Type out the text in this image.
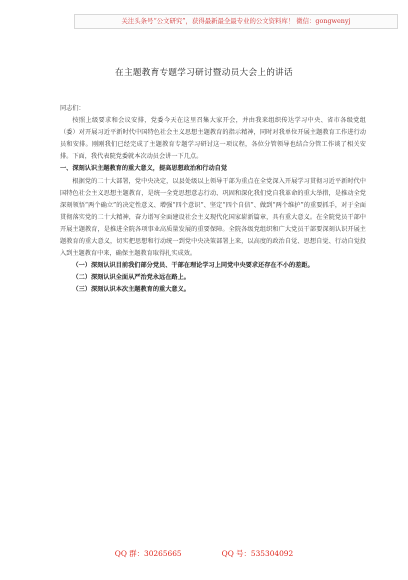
关注头条号“公文研究”，获得最新最全最专业的公文资料库！ 微信：gongwenyj
在主题教育专题学习研讨暨动员大会上的讲话

同志们：

按照上级要求和会议安排，党委今天在这里召集大家开会，并由我来组织传达学习中央、省市各级党组（委）对开展习近平新时代中国特色社会主义思想主题教育的指示精神，同时对我单位开展主题教育工作进行动员和安排。刚刚我们已经完成了主题教育专题学习研讨这一项议程，各位分管领导也结合分管工作谈了相关安排。下面，我代表院党委就本次动员会讲一下几点。

一、深刻认识主题教育的重大意义，提高思想政治和行动自觉

根据党的二十大部署，党中央决定，以县处级以上领导干部为重点在全党深入开展学习贯彻习近平新时代中国特色社会主义思想主题教育，是统一全党思想意志行动、巩固和深化我们党自我革命的重大举措，是推动全党深刻领悟“两个确立”的决定性意义、增强“四个意识”、坚定“四个自信”、做到“两个维护”的重要抓手，对于全面贯彻落实党的二十大精神，奋力谱写全面建设社会主义现代化国家崭新篇章，具有重大意义。在全院党员干部中开展主题教育，是推进全院各项事业高质量发展的重要保障。全院各级党组织和广大党员干部要深刻认识开展主题教育的重大意义，切实把思想和行动统一到党中央决策部署上来，以高度的政治自觉、思想自觉、行动自觉投入到主题教育中来，确保主题教育取得扎实成效。

（一）深刻认识目前我们部分党员、干部在理论学习上同党中央要求还存在不小的差距。

（二）深刻认识全面从严治党永远在路上。

（三）深刻认识本次主题教育的重大意义。

QQ 群：30265665	QQ 号：535304092
